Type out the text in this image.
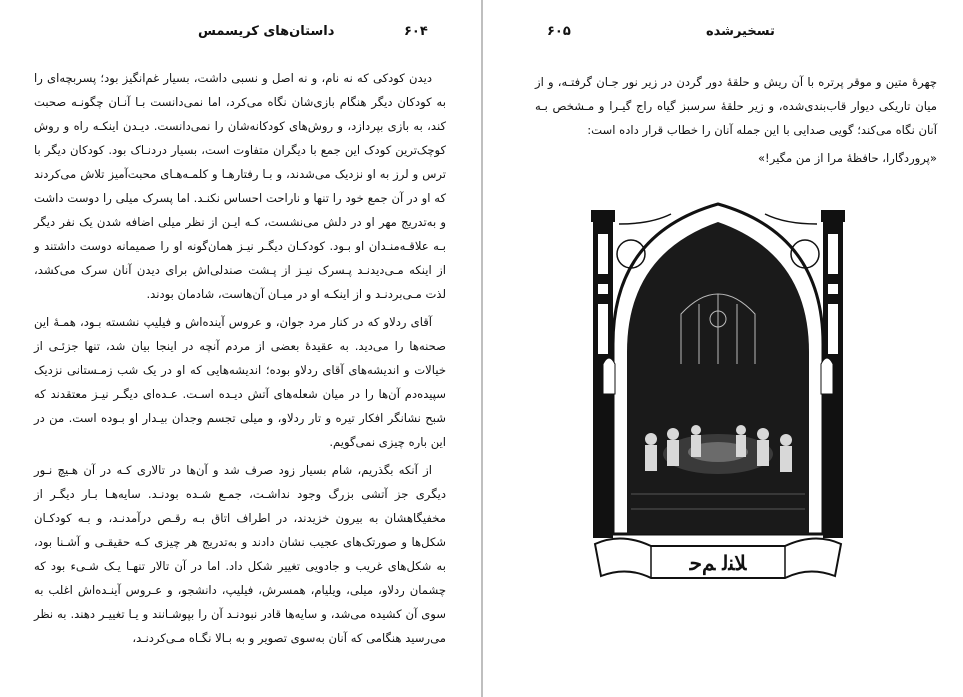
۶۰۴
داستان‌های کریسمس

دیدن کودکی که نه نام، و نه اصل و نسبی داشت، بسیار غم‌انگیز بود؛ پسربچه‌ای را به کودکان دیگر هنگام بازی‌شان نگاه می‌کرد، اما نمی‌دانست بـا آنـان چگونـه صحبت کند، به بازی بپردازد، و روش‌های کودکانه‌شان را نمی‌دانست. دیـدن اینکـه راه و روش کوچک‌ترین کودک این جمع با دیگران متفاوت است، بسیار دردنـاک بود. کودکان دیگر با ترس و لرز به او نزدیک می‌شدند، و بـا رفتارهـا و کلمـه‌هـای محبت‌آمیز تلاش می‌کردند که او در آن جمع خود را تنها و ناراحت احساس نکنـد. اما پسرک میلی را دوست داشت و به‌تدریج مهر او در دلش می‌نشست، کـه ایـن از نظر میلی اضافه شدن یک نفر دیگر بـه علاقـه‌منـدان او بـود. کودکـان دیگـر نیـز همان‌گونه او را صمیمانه دوست داشتند و از اینکه مـی‌دیدنـد پـسرک نیـز از پـشت صندلی‌اش برای دیدن آنان سرک می‌کشد، لذت مـی‌بردنـد و از اینکـه او در میـان آن‌هاست، شادمان بودند.

آقای ردلاو که در کنار مرد جوان، و عروس آینده‌اش و فیلیپ نشسته بـود، همـهٔ این صحنه‌ها را می‌دید. به عقیدهٔ بعضی از مردم آنچه در اینجا بیان شد، تنها جزئـی از خیالات و اندیشه‌های آقای ردلاو بوده؛ اندیشه‌هایی که او در یک شب زمـستانی نزدیک سپیده‌دم آن‌ها را در میان شعله‌های آتش دیـده اسـت. عـده‌ای دیگـر نیـز معتقدند که شبح نشانگر افکار تیره و تار ردلاو، و میلی تجسم وجدان بیـدار او بـوده است. من در این باره چیزی نمی‌گویم.

از آنکه بگذریم، شام بسیار زود صرف شد و آن‌ها در تالاری کـه در آن هـیچ نـور دیگری جز آتشی بزرگ وجود نداشـت، جمـع شـده بودنـد. سایه‌هـا بـار دیگـر از مخفیگاهشان به بیرون خزیدند، در اطراف اتاق بـه رقـص درآمدنـد، و بـه کودکـان شکل‌ها و صورتک‌های عجیب نشان دادند و به‌تدریج هر چیزی کـه حقیقـی و آشـنا بود، به شکل‌های غریب و جادویی تغییر شکل داد. اما در آن تالار تنهـا یـک شـیء بود که چشمان ردلاو، میلی، ویلیام، همسرش، فیلیپ، دانشجو، و عـروس آینـده‌اش اغلب به سوی آن کشیده می‌شد، و سایه‌ها قادر نبودنـد آن را بپوشـانند و یـا تغییـر دهند. به نظر می‌رسید هنگامی که آنان به‌سوی تصویر و به بـالا نگـاه مـی‌کردنـد،

۶۰۵	تسخیرشده

چهرهٔ متین و موقر پرتره با آن ریش و حلقهٔ دور گردن در زیر نور جـان گرفتـه، و از میان تاریکی دیوار قاب‌بندی‌شده، و زیر حلقهٔ سرسبز گیاه راج گیـرا و مـشخص بـه آنان نگاه می‌کند؛ گویی صدایی با این جمله آنان را خطاب قرار داده است:

«پروردگارا، حافظهٔ مرا از من مگیر!»

ﻼﻨﻟ ﻢﺣ
